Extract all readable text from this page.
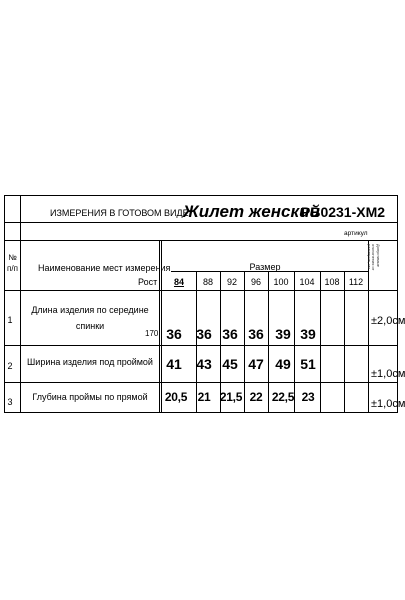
ИЗМЕРЕНИЯ В ГОТОВОМ ВИДЕ
Жилет женский
РВ0231-ХМ2
артикул
№ п/п Наименование мест измерения
Рост
Размер	Допустимые отклонения от размеров, см
84 88 92 96 100 104 108 112
1
Длина изделия по середине
спинки
170 36 36 36 36 39 39
±2,0см
2 Ширина изделия под проймой 41 43 45 47 49 51
±1,0см
3 Глубина проймы по прямой 20,5 21 21,5 22 22,5 23	±1,0см
